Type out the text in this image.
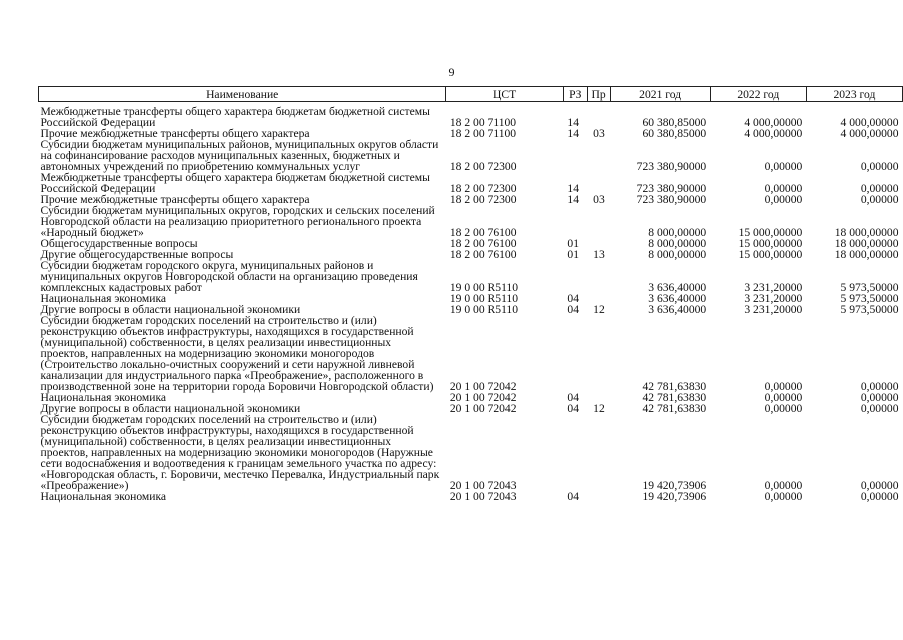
9
Наименование	ЦСТ	РЗ	Пр	2021 год	2022 год	2023 год
Межбюджетные трансферты общего характера бюджетам бюджетной системы Российской Федерации	18 2 00 71100	14		60 380,85000	4 000,00000	4 000,00000
Прочие межбюджетные трансферты общего характера	18 2 00 71100	14	03	60 380,85000	4 000,00000	4 000,00000
Субсидии бюджетам муниципальных районов, муниципальных округов области на софинансирование расходов муниципальных казенных, бюджетных и автономных учреждений по приобретению коммунальных услуг	18 2 00 72300			723 380,90000	0,00000	0,00000
Межбюджетные трансферты общего характера бюджетам бюджетной системы Российской Федерации	18 2 00 72300	14		723 380,90000	0,00000	0,00000
Прочие межбюджетные трансферты общего характера	18 2 00 72300	14	03	723 380,90000	0,00000	0,00000
Субсидии бюджетам муниципальных округов, городских и сельских поселений Новгородской области на реализацию приоритетного регионального проекта «Народный бюджет»	18 2 00 76100			8 000,00000	15 000,00000	18 000,00000
Общегосударственные вопросы	18 2 00 76100	01		8 000,00000	15 000,00000	18 000,00000
Другие общегосударственные вопросы	18 2 00 76100	01	13	8 000,00000	15 000,00000	18 000,00000
Субсидии бюджетам городского округа, муниципальных районов и муниципальных округов Новгородской области на организацию проведения комплексных кадастровых работ	19 0 00 R5110			3 636,40000	3 231,20000	5 973,50000
Национальная экономика	19 0 00 R5110	04		3 636,40000	3 231,20000	5 973,50000
Другие вопросы в области национальной экономики	19 0 00 R5110	04	12	3 636,40000	3 231,20000	5 973,50000
Субсидии бюджетам городских поселений на строительство и (или) реконструкцию объектов инфраструктуры, находящихся в государственной (муниципальной) собственности, в целях реализации инвестиционных проектов, направленных на модернизацию экономики моногородов (Строительство локально-очистных сооружений и сети наружной ливневой канализации для индустриального парка «Преображение», расположенного в производственной зоне на территории города Боровичи Новгородской области)	20 1 00 72042			42 781,63830	0,00000	0,00000
Национальная экономика	20 1 00 72042	04		42 781,63830	0,00000	0,00000
Другие вопросы в области национальной экономики	20 1 00 72042	04	12	42 781,63830	0,00000	0,00000
Субсидии бюджетам городских поселений на строительство и (или) реконструкцию объектов инфраструктуры, находящихся в государственной (муниципальной) собственности, в целях реализации инвестиционных проектов, направленных на модернизацию экономики моногородов (Наружные сети водоснабжения и водоотведения к границам земельного участка по адресу: «Новгородская область, г. Боровичи, местечко Перевалка, Индустриальный парк «Преображение»)	20 1 00 72043			19 420,73906	0,00000	0,00000
Национальная экономика	20 1 00 72043	04		19 420,73906	0,00000	0,00000
